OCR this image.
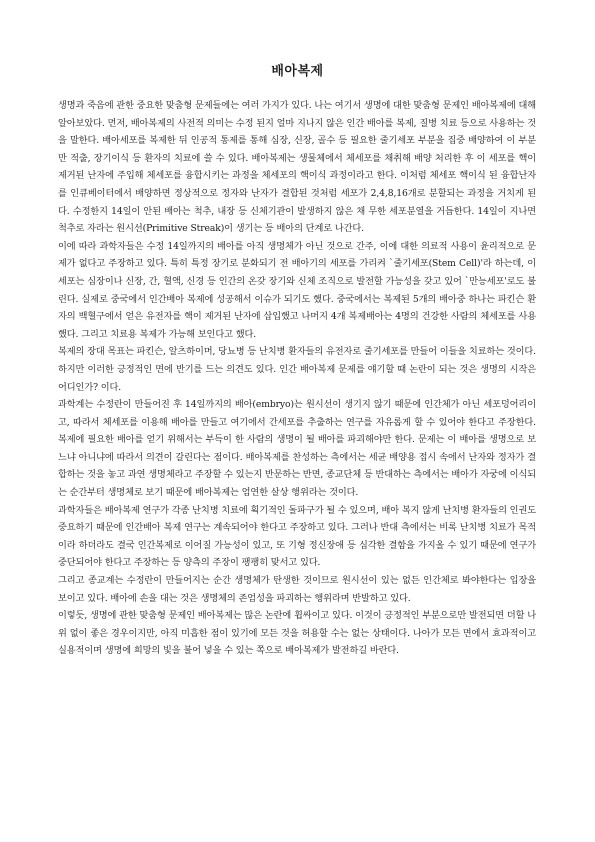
배아복제

생명과 죽음에 관한 중요한 맞춤형 문제들에는 여러 가지가 있다. 나는 여기서 생명에 대한 맞춤형 문제인 배아복제에 대해 알아보았다. 먼저, 배아복제의 사전적 의미는 수정 된지 얼마 지나지 않은 인간 배아를 복제, 질병 치료 등으로 사용하는 것을 말한다. 배아세포를 복제한 뒤 인공적 통제를 통해 심장, 신장, 골수 등 필요한 줄기세포 부분을 집중 배양하여 이 부분만 적출, 장기이식 등 환자의 치료에 쓸 수 있다. 배아복제는 생물체에서 체세포를 채취해 배양 처리한 후 이 세포를 핵이 제거된 난자에 주입해 체세포를 융합시키는 과정을 체세포의 핵이식 과정이라고 한다. 이처럼 체세포 핵이식 된 융합난자를 인큐베이터에서 배양하면 정상적으로 정자와 난자가 결합된 것처럼 세포가 2,4,8,16개로 분할되는 과정을 거치게 된다. 수정한지 14일이 안된 배아는 척추, 내장 등 신체기관이 발생하지 않은 채 무한 세포분열을 거듭한다. 14일이 지나면 척추로 자라는 원시선(Primitive Streak)이 생기는 등 배아의 단계로 나간다.

이에 따라 과학자들은 수정 14일까지의 배아를 아직 생명체가 아닌 것으로 간주, 이에 대한 의료적 사용이 윤리적으로 문제가 없다고 주장하고 있다. 특히 특정 장기로 분화되기 전 배아기의 세포를 가리켜 `줄기세포(Stem Cell)'라 하는데, 이 세포는 심장이나 신장, 간, 혈액, 신경 등 인간의 온갖 장기와 신체 조직으로 발전할 가능성을 갖고 있어 `만능세포'로도 불린다. 실제로 중국에서 인간배아 복제에 성공해서 이슈가 되기도 했다. 중국에서는 복제된 5개의 배아중 하나는 파킨슨 환자의 백혈구에서 얻은 유전자를 핵이 제거된 난자에 삽입했고 나머지 4개 복제배아는 4명의 건강한 사람의 체세포를 사용했다. 그리고 치료용 복제가 가능해 보인다고 했다.

복제의 장대 목표는 파킨슨, 알츠하이머, 당뇨병 등 난치병 환자들의 유전자로 줄기세포를 만들어 이들을 치료하는 것이다. 하지만 이러한 긍정적인 면에 반기를 드는 의견도 있다. 인간 배아복제 문제를 얘기할 때 논란이 되는 것은 생명의 시작은 어디인가? 이다.

과학계는 수정란이 만들어진 후 14일까지의 배아(embryo)는 원시선이 생기지 않기 때문에 인간체가 아닌 세포덩어리이고, 따라서 체세포를 이용해 배아를 만들고 여기에서 간세포를 추출하는 연구를 자유롭게 할 수 있어야 한다고 주장한다. 복제에 필요한 배아를 얻기 위해서는 부득이 한 사람의 생명이 될 배아를 파괴해야만 한다. 문제는 이 배아를 생명으로 보느냐 아니냐에 따라서 의견이 갈린다는 점이다. 배아복제를 찬성하는 측에서는 세균 배양용 접시 속에서 난자와 정자가 결합하는 것을 놓고 과연 생명체라고 주장할 수 있는지 반문하는 반면, 종교단체 등 반대하는 측에서는 배아가 자궁에 이식되는 순간부터 생명체로 보기 때문에 배아복제는 엄연한 살상 행위라는 것이다.

과학자들은 배아복제 연구가 각종 난치병 치료에 획기적인 돌파구가 될 수 있으며, 배아 복지 않게 난치병 환자들의 인권도 중요하기 때문에 인간배아 복제 연구는 계속되어야 한다고 주장하고 있다. 그러나 반대 측에서는 비록 난치병 치료가 목적이라 하더라도 결국 인간복제로 이어질 가능성이 있고, 또 기형 정신장애 등 심각한 결함을 가지올 수 있기 때문에 연구가 중단되어야 한다고 주장하는 등 양측의 주장이 팽팽히 맞서고 있다.

그리고 종교계는 수정란이 만들어지는 순간 생명체가 탄생한 것이므로 원시선이 있는 없든 인간체로 봐야한다는 입장을 보이고 있다. 배아에 손을 대는 것은 생명체의 존엄성을 파괴하는 행위라며 반발하고 있다.

이렇듯, 생명에 관한 맞춤형 문제인 배아복제는 많은 논란에 휩싸이고 있다. 이것이 긍정적인 부분으로만 발전되면 더할 나위 없이 좋은 경우이지만, 아직 미흡한 점이 있기에 모든 것을 허용할 수는 없는 상태이다. 나아가 모든 면에서 효과적이고 실용적이며 생명에 희망의 빛을 불어 넣을 수 있는 쪽으로 배아복제가 발전하길 바란다.
